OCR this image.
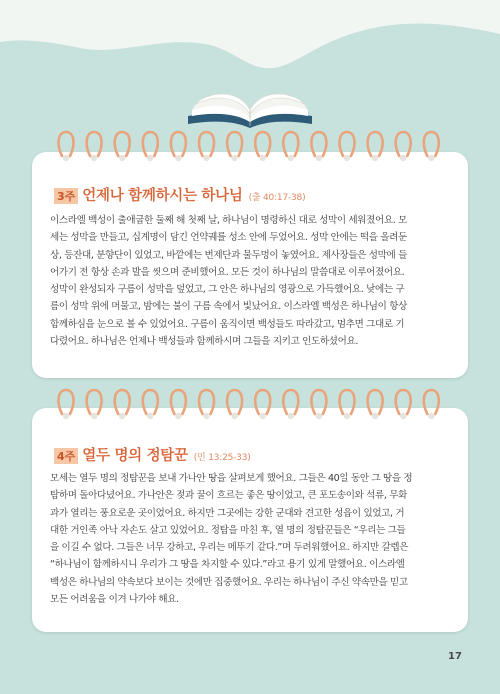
3주 언제나 함께하시는 하나님 (출 40:17-38)
이스라엘 백성이 출애굽한 둘째 해 첫째 날, 하나님이 명령하신 대로 성막이 세워졌어요. 모
세는 성막을 만들고, 십계명이 담긴 언약궤를 성소 안에 두었어요. 성막 안에는 떡을 올려둔
상, 등잔대, 분향단이 있었고, 바깥에는 번제단과 물두멍이 놓였어요. 제사장들은 성막에 들
어가기 전 항상 손과 발을 씻으며 준비했어요. 모든 것이 하나님의 말씀대로 이루어졌어요.
성막이 완성되자 구름이 성막을 덮었고, 그 안은 하나님의 영광으로 가득했어요. 낮에는 구
름이 성막 위에 머물고, 밤에는 불이 구름 속에서 빛났어요. 이스라엘 백성은 하나님이 항상
함께하심을 눈으로 볼 수 있었어요. 구름이 움직이면 백성들도 따라갔고, 멈추면 그대로 기
다렸어요. 하나님은 언제나 백성들과 함께하시며 그들을 지키고 인도하셨어요.
4주 열두 명의 정탐꾼 (민 13:25-33)
모세는 열두 명의 정탐꾼을 보내 가나안 땅을 살펴보게 했어요. 그들은 40일 동안 그 땅을 정
탐하며 돌아다녔어요. 가나안은 젖과 꿀이 흐르는 좋은 땅이었고, 큰 포도송이와 석류, 무화
과가 열리는 풍요로운 곳이었어요. 하지만 그곳에는 강한 군대와 견고한 성읍이 있었고, 거
대한 거인족 아낙 자손도 살고 있었어요. 정탐을 마친 후, 열 명의 정탐꾼들은 “우리는 그들
을 이길 수 없다. 그들은 너무 강하고, 우리는 메뚜기 같다.”며 두려워했어요. 하지만 갈렙은
“하나님이 함께하시니 우리가 그 땅을 차지할 수 있다.”라고 용기 있게 말했어요. 이스라엘
백성은 하나님의 약속보다 보이는 것에만 집중했어요. 우리는 하나님이 주신 약속만을 믿고
모든 어려움을 이겨 나가야 해요.
17
